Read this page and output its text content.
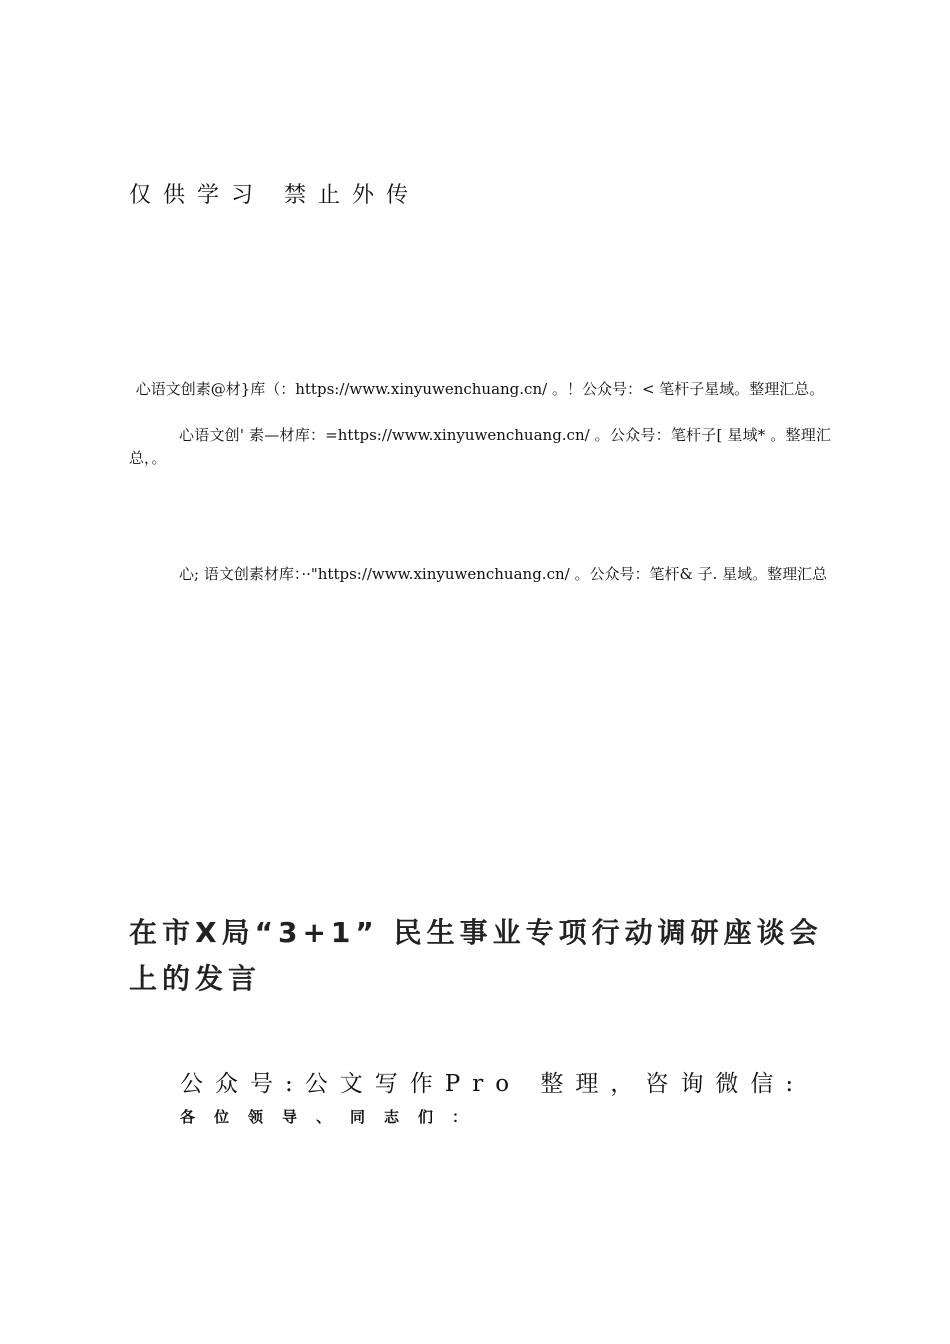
仅供学习 禁止外传

心语文创素@材}库（：https://www.xinyuwenchuang.cn/ 。！公众号：< 笔杆子星域。整理汇总。

心语文创' 素—材库：=https://www.xinyuwenchuang.cn/ 。公众号：笔杆子[ 星域* 。整理汇总，。

心; 语文创素材库：··"https://www.xinyuwenchuang.cn/ 。公众号：笔杆& 子. 星域。整理汇总

在市X局“3+1” 民生事业专项行动调研座谈会上的发言
公众号:公文写作Pro 整理，咨询微信:
各位领导、同志们：
